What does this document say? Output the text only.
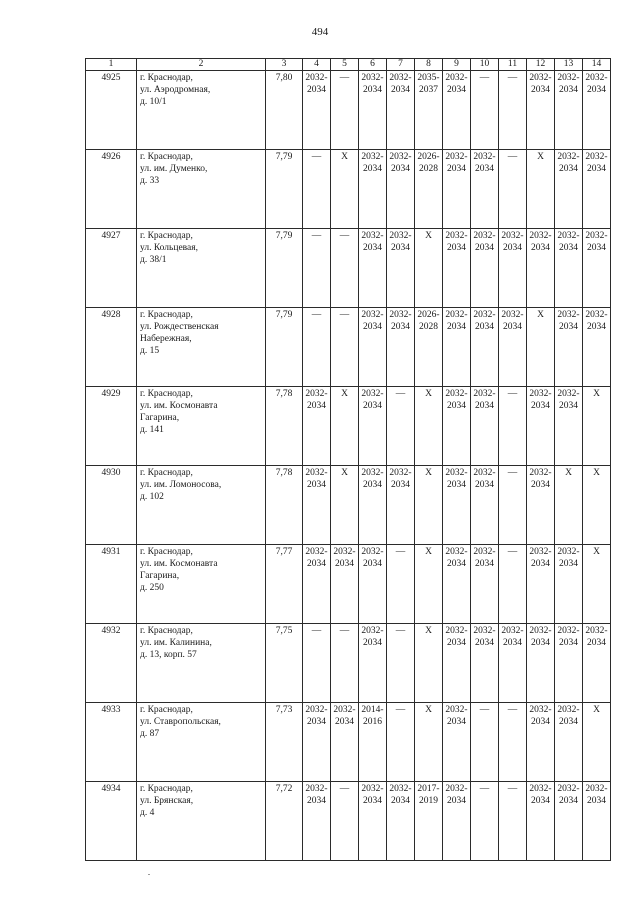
494
1	2	3	4	5	6	7	8	9	10	11	12	13	14
4925	г. Краснодар,
ул. Аэродромная,
д. 10/1	7,80	2032-
2034	—	2032-
2034	2032-
2034	2035-
2037	2032-
2034	—	—	2032-
2034	2032-
2034	2032-
2034

4926	г. Краснодар,
ул. им. Думенко,
д. 33	7,79	—	X	2032-
2034	2032-
2034	2026-
2028	2032-
2034	2032-
2034	—	X	2032-
2034	2032-
2034

4927	г. Краснодар,
ул. Кольцевая,
д. 38/1	7,79	—	—	2032-
2034	2032-
2034	X	2032-
2034	2032-
2034	2032-
2034	2032-
2034	2032-
2034	2032-
2034

4928	г. Краснодар,
ул. Рождественская
Набережная,
д. 15	7,79	—	—	2032-
2034	2032-
2034	2026-
2028	2032-
2034	2032-
2034	2032-
2034	X	2032-
2034	2032-
2034

4929	г. Краснодар,
ул. им. Космонавта
Гагарина,
д. 141	7,78	2032-
2034	X	2032-
2034	—	X	2032-
2034	2032-
2034	—	2032-
2034	2032-
2034	X

4930	г. Краснодар,
ул. им. Ломоносова,
д. 102	7,78	2032-
2034	X	2032-
2034	2032-
2034	X	2032-
2034	2032-
2034	—	2032-
2034	X	X

4931	г. Краснодар,
ул. им. Космонавта
Гагарина,
д. 250	7,77	2032-
2034	2032-
2034	2032-
2034	—	X	2032-
2034	2032-
2034	—	2032-
2034	2032-
2034	X

4932	г. Краснодар,
ул. им. Калинина,
д. 13, корп. 57	7,75	—	—	2032-
2034	—	X	2032-
2034	2032-
2034	2032-
2034	2032-
2034	2032-
2034	2032-
2034

4933	г. Краснодар,
ул. Ставропольская,
д. 87	7,73	2032-
2034	2032-
2034	2014-
2016	—	X	2032-
2034	—	—	2032-
2034	2032-
2034	X

4934	г. Краснодар,
ул. Брянская,
д. 4	7,72	2032-
2034	—	2032-
2034	2032-
2034	2017-
2019	2032-
2034	—	—	2032-
2034	2032-
2034	2032-
2034
